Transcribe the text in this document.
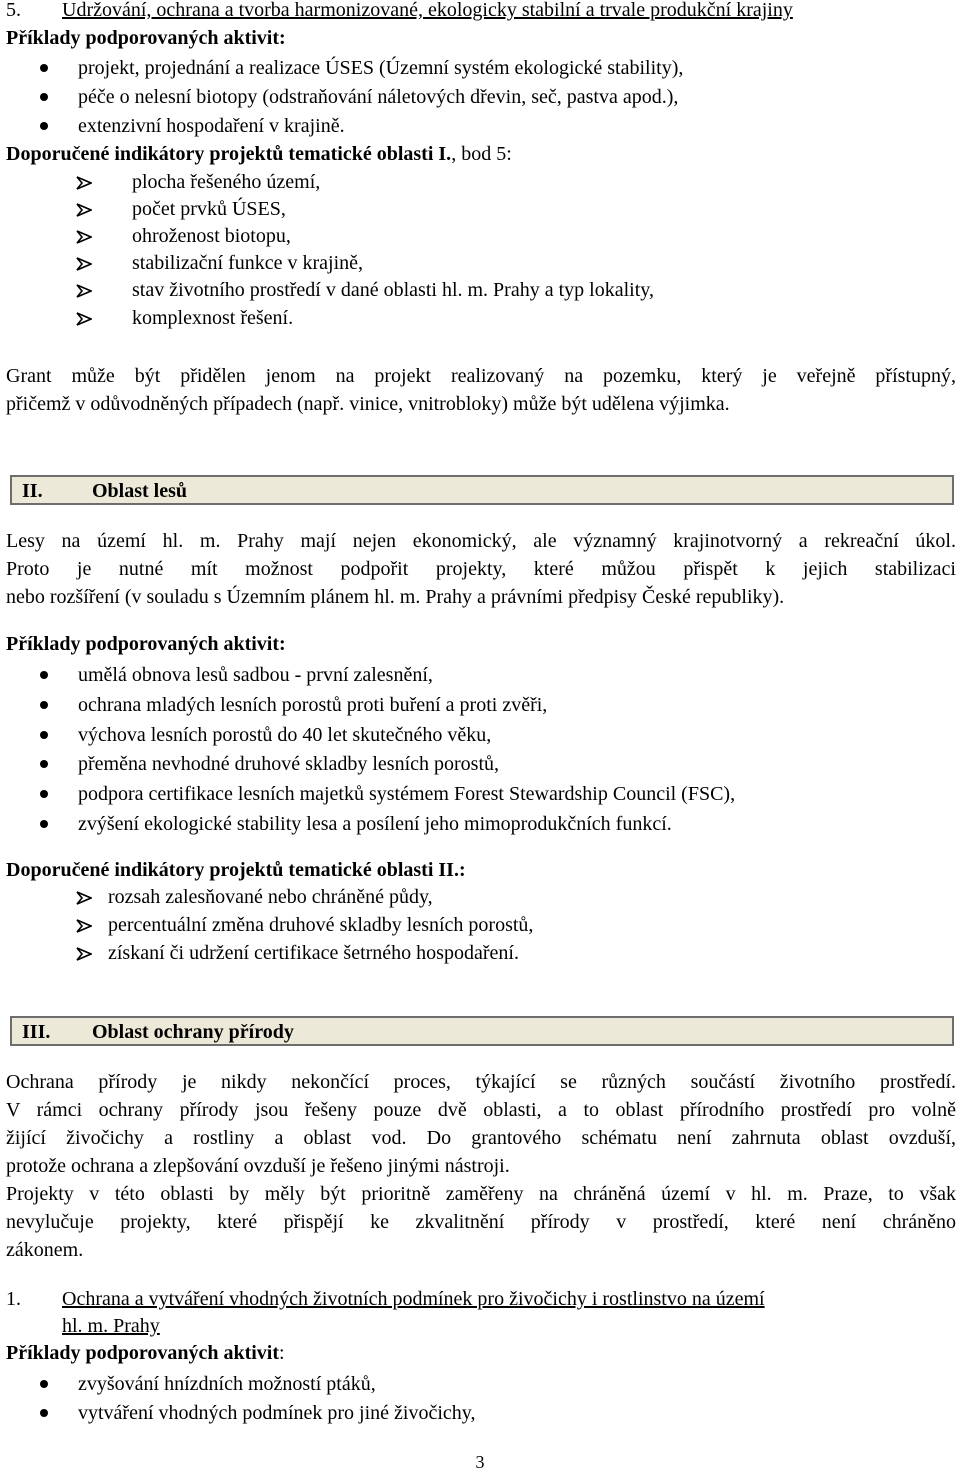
5. Udržování, ochrana a tvorba harmonizované, ekologicky stabilní a trvale produkční krajiny
Příklady podporovaných aktivit:
projekt, projednání a realizace ÚSES (Územní systém ekologické stability),
péče o nelesní biotopy (odstraňování náletových dřevin, seč, pastva apod.),
extenzivní hospodaření v krajině.
Doporučené indikátory projektů tematické oblasti I., bod 5:
plocha řešeného území,
počet prvků ÚSES,
ohroženost biotopu,
stabilizační funkce v krajině,
stav životního prostředí v dané oblasti hl. m. Prahy a typ lokality,
komplexnost řešení.
Grant může být přidělen jenom na projekt realizovaný na pozemku, který je veřejně přístupný,
přičemž v odůvodněných případech (např. vinice, vnitrobloky) může být udělena výjimka.
II. Oblast lesů
Lesy na území hl. m. Prahy mají nejen ekonomický, ale významný krajinotvorný a rekreační úkol.
Proto je nutné mít možnost podpořit projekty, které můžou přispět k jejich stabilizaci
nebo rozšíření (v souladu s Územním plánem hl. m. Prahy a právními předpisy České republiky).
Příklady podporovaných aktivit:
umělá obnova lesů sadbou - první zalesnění,
ochrana mladých lesních porostů proti buření a proti zvěři,
výchova lesních porostů do 40 let skutečného věku,
přeměna nevhodné druhové skladby lesních porostů,
podpora certifikace lesních majetků systémem Forest Stewardship Council (FSC),
zvýšení ekologické stability lesa a posílení jeho mimoprodukčních funkcí.
Doporučené indikátory projektů tematické oblasti II.:
rozsah zalesňované nebo chráněné půdy,
percentuální změna druhové skladby lesních porostů,
získaní či udržení certifikace šetrného hospodaření.
III. Oblast ochrany přírody
Ochrana přírody je nikdy nekončící proces, týkající se různých součástí životního prostředí.
V rámci ochrany přírody jsou řešeny pouze dvě oblasti, a to oblast přírodního prostředí pro volně
žijící živočichy a rostliny a oblast vod. Do grantového schématu není zahrnuta oblast ovzduší,
protože ochrana a zlepšování ovzduší je řešeno jinými nástroji.
Projekty v této oblasti by měly být prioritně zaměřeny na chráněná území v hl. m. Praze, to však
nevylučuje projekty, které přispějí ke zkvalitnění přírody v prostředí, které není chráněno
zákonem.
1. Ochrana a vytváření vhodných životních podmínek pro živočichy i rostlinstvo na území
hl. m. Prahy
Příklady podporovaných aktivit:
zvyšování hnízdních možností ptáků,
vytváření vhodných podmínek pro jiné živočichy,
3
